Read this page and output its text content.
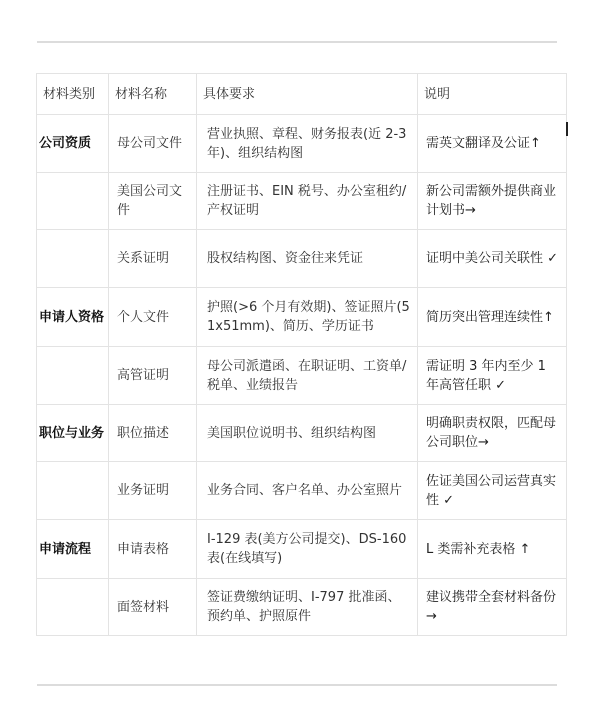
材料类别	材料名称	具体要求	说明
公司资质	母公司文件	营业执照、章程、财务报表(近 2-3 年)、组织结构图	需英文翻译及公证↑
	美国公司文件	注册证书、EIN 税号、办公室租约/产权证明	新公司需额外提供商业计划书→
	关系证明	股权结构图、资金往来凭证	证明中美公司关联性 ✓
申请人资格	个人文件	护照(>6 个月有效期)、签证照片(51x51mm)、简历、学历证书	简历突出管理连续性↑
	高管证明	母公司派遣函、在职证明、工资单/税单、业绩报告	需证明 3 年内至少 1 年高管任职 ✓
职位与业务	职位描述	美国职位说明书、组织结构图	明确职责权限，匹配母公司职位→
	业务证明	业务合同、客户名单、办公室照片	佐证美国公司运营真实性 ✓
申请流程	申请表格	I-129 表(美方公司提交)、DS-160 表(在线填写)	L 类需补充表格 ↑
	面签材料	签证费缴纳证明、I-797 批准函、预约单、护照原件	建议携带全套材料备份→
